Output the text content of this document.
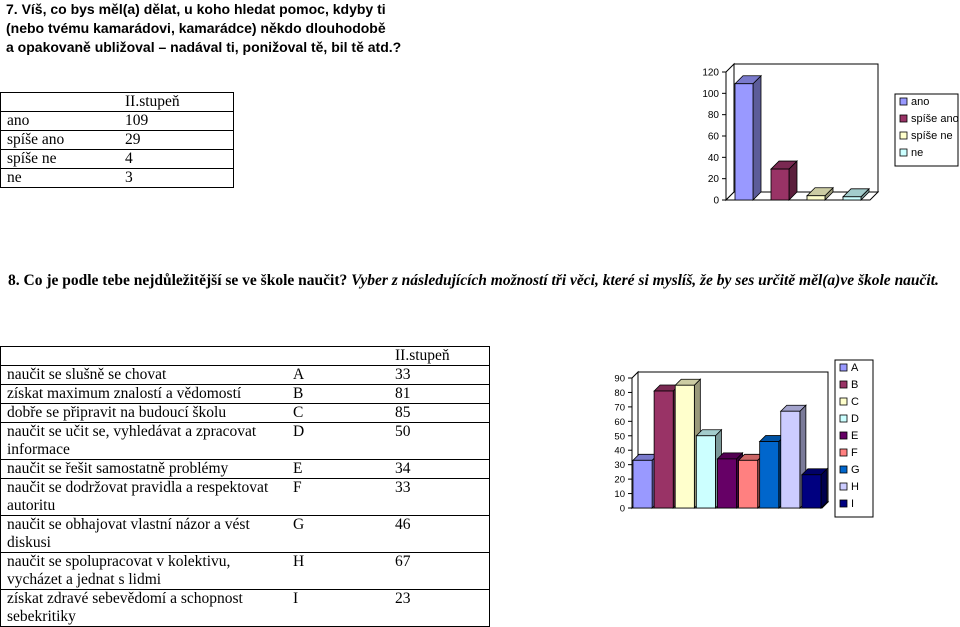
7. Víš, co bys měl(a) dělat, u koho hledat pomoc, kdyby ti
(nebo tvému kamarádovi, kamarádce) někdo dlouhodobě
a opakovaně ubližoval – nadával ti, ponižoval tě, bil tě atd.?
	II.stupeň
ano	109
spíše ano	29
spíše ne	4
ne	3
0
20
40
60
80
100
120
ano
spíše ano
spíše ne
ne
8. Co je podle tebe nejdůležitější se ve škole naučit? Vyber z následujících možností tři věci, které si myslíš, že by ses určitě měl(a)ve škole naučit.
		II.stupeň
naučit se slušně se chovat	A	33
získat maximum znalostí a vědomostí	B	81
dobře se připravit na budoucí školu	C	85
naučit se učit se, vyhledávat a zpracovat informace	D	50
naučit se řešit samostatně problémy	E	34
naučit se dodržovat pravidla a respektovat autoritu	F	33
naučit se obhajovat vlastní názor a vést diskusi	G	46
naučit se spolupracovat v kolektivu, vycházet a jednat s lidmi	H	67
získat zdravé sebevědomí a schopnost sebekritiky	I	23
0
10
20
30
40
50
60
70
80
90
A
B
C
D
E
F
G
H
I
